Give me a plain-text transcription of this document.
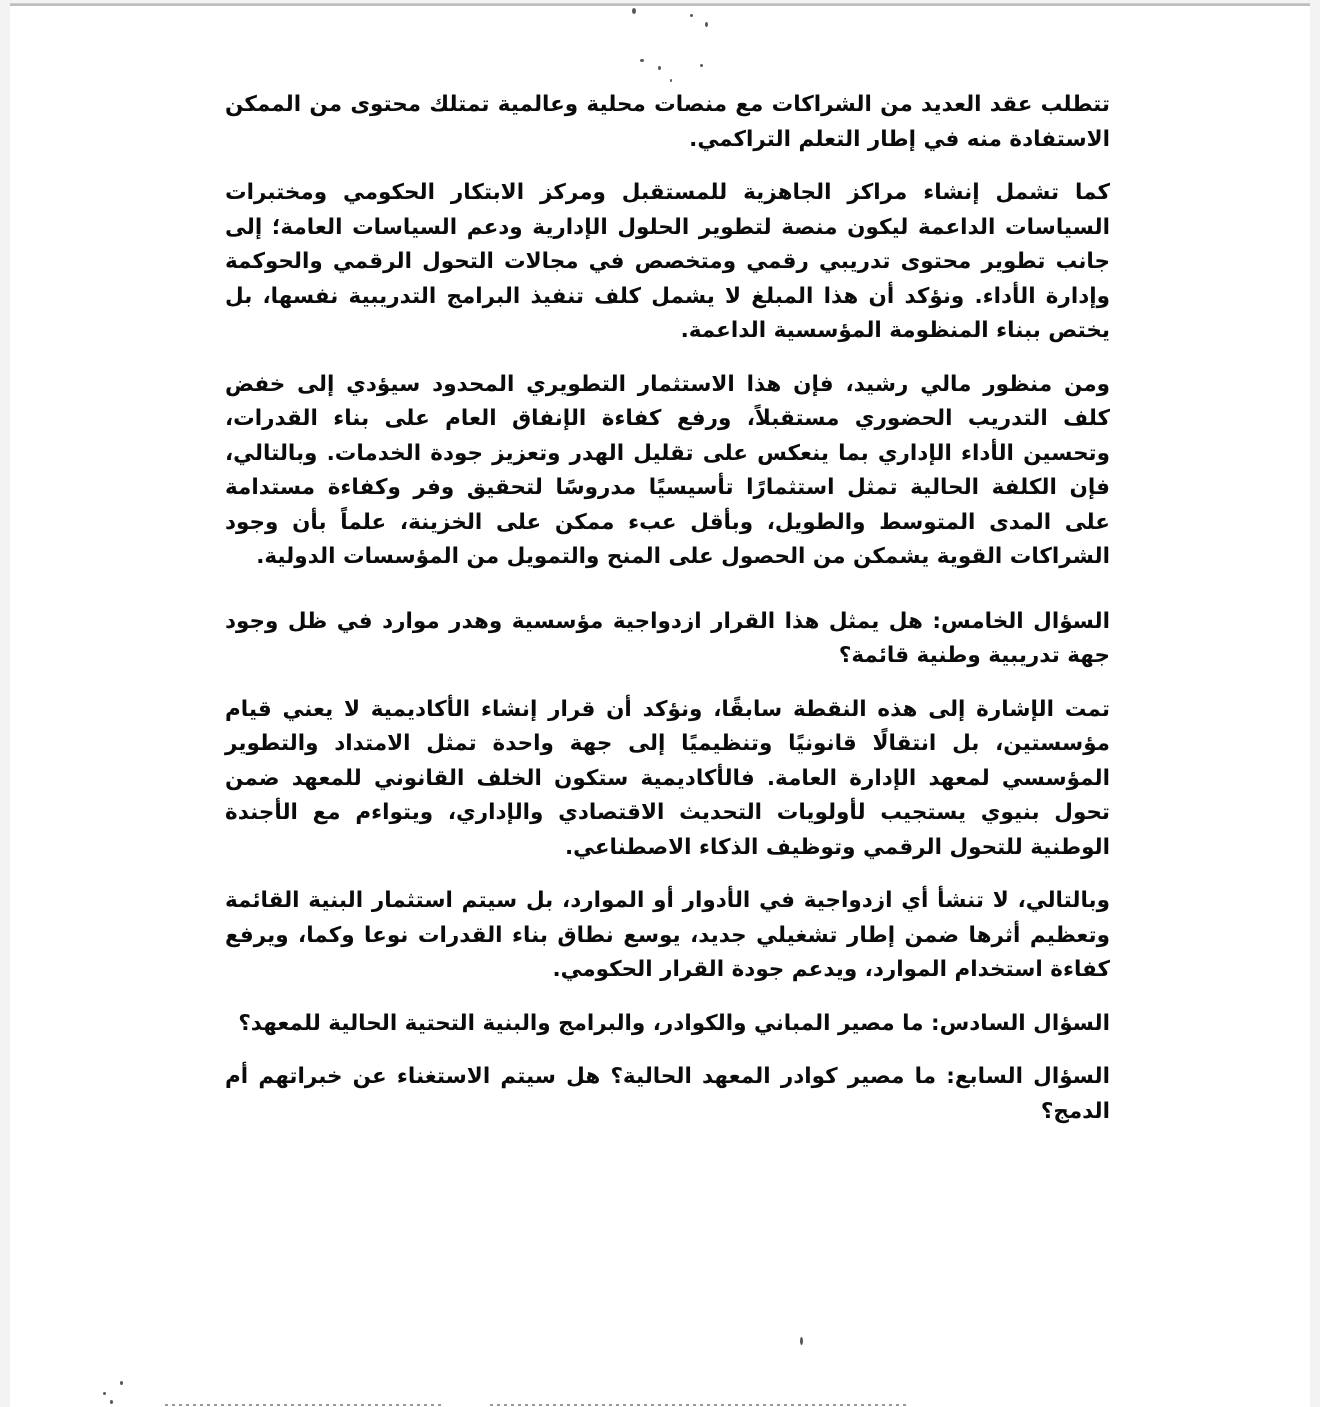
تتطلب عقد العديد من الشراكات مع منصات محلية وعالمية تمتلك محتوى من الممكن الاستفادة منه في إطار التعلم التراكمي.

كما تشمل إنشاء مراكز الجاهزية للمستقبل ومركز الابتكار الحكومي ومختبرات السياسات الداعمة ليكون منصة لتطوير الحلول الإدارية ودعم السياسات العامة؛ إلى جانب تطوير محتوى تدريبي رقمي ومتخصص في مجالات التحول الرقمي والحوكمة وإدارة الأداء. ونؤكد أن هذا المبلغ لا يشمل كلف تنفيذ البرامج التدريبية نفسها، بل يختص ببناء المنظومة المؤسسية الداعمة.

ومن منظور مالي رشيد، فإن هذا الاستثمار التطويري المحدود سيؤدي إلى خفض كلف التدريب الحضوري مستقبلاً، ورفع كفاءة الإنفاق العام على بناء القدرات، وتحسين الأداء الإداري بما ينعكس على تقليل الهدر وتعزيز جودة الخدمات. وبالتالي، فإن الكلفة الحالية تمثل استثمارًا تأسيسيًا مدروسًا لتحقيق وفر وكفاءة مستدامة على المدى المتوسط والطويل، وبأقل عبء ممكن على الخزينة، علماً بأن وجود الشراكات القوية يشمكن من الحصول على المنح والتمويل من المؤسسات الدولية.

السؤال الخامس: هل يمثل هذا القرار ازدواجية مؤسسية وهدر موارد في ظل وجود جهة تدريبية وطنية قائمة؟

تمت الإشارة إلى هذه النقطة سابقًا، ونؤكد أن قرار إنشاء الأكاديمية لا يعني قيام مؤسستين، بل انتقالًا قانونيًا وتنظيميًا إلى جهة واحدة تمثل الامتداد والتطوير المؤسسي لمعهد الإدارة العامة. فالأكاديمية ستكون الخلف القانوني للمعهد ضمن تحول بنيوي يستجيب لأولويات التحديث الاقتصادي والإداري، ويتواءم مع الأجندة الوطنية للتحول الرقمي وتوظيف الذكاء الاصطناعي.

وبالتالي، لا تنشأ أي ازدواجية في الأدوار أو الموارد، بل سيتم استثمار البنية القائمة وتعظيم أثرها ضمن إطار تشغيلي جديد، يوسع نطاق بناء القدرات نوعا وكما، ويرفع كفاءة استخدام الموارد، ويدعم جودة القرار الحكومي.

السؤال السادس: ما مصير المباني والكوادر، والبرامج والبنية التحتية الحالية للمعهد؟

السؤال السابع: ما مصير كوادر المعهد الحالية؟ هل سيتم الاستغناء عن خبراتهم أم الدمج؟
